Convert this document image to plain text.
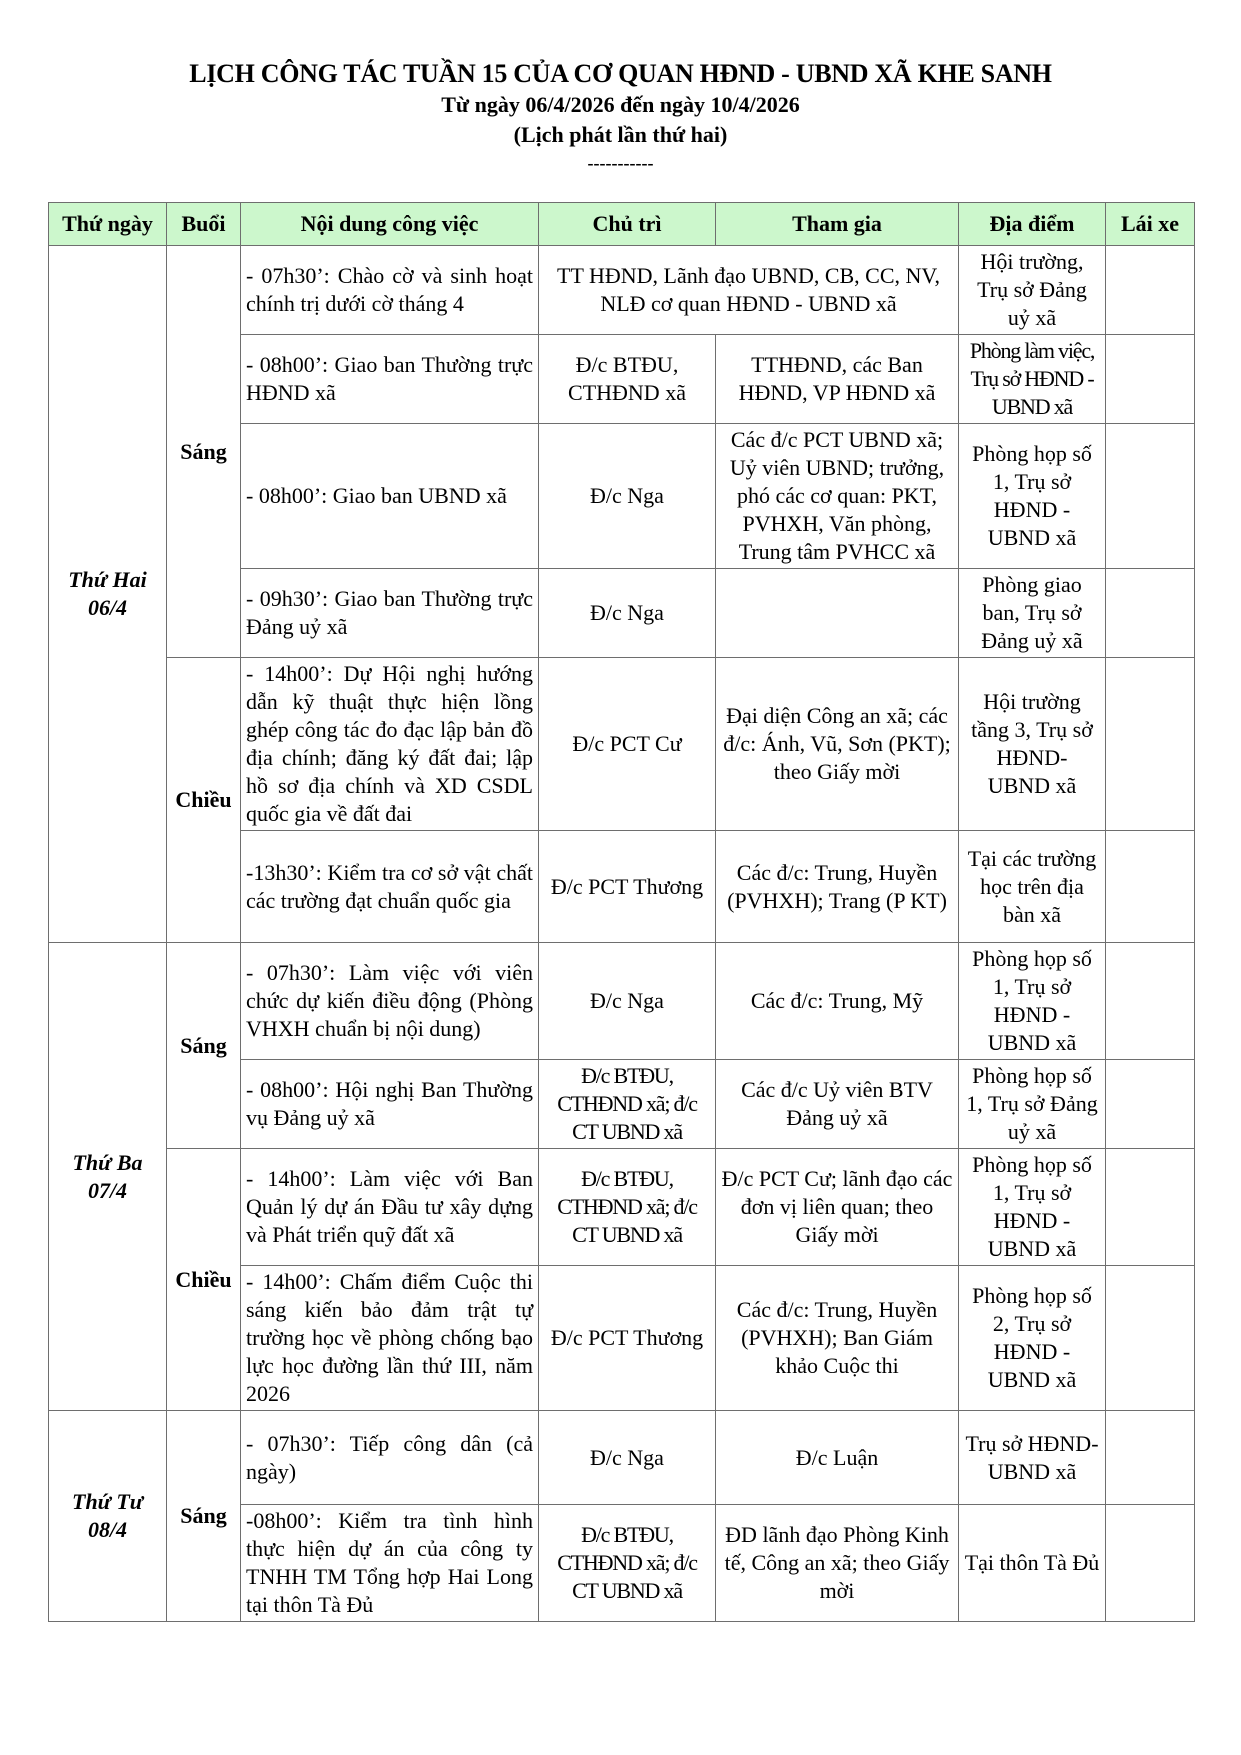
LỊCH CÔNG TÁC TUẦN 15 CỦA CƠ QUAN HĐND - UBND XÃ KHE SANH
Từ ngày 06/4/2026 đến ngày 10/4/2026
(Lịch phát lần thứ hai)
-----------
Thứ ngày	Buổi	Nội dung công việc	Chủ trì	Tham gia	Địa điểm	Lái xe
Thứ Hai
06/4	Sáng	- 07h30’: Chào cờ và sinh hoạt chính trị dưới cờ tháng 4	TT HĐND, Lãnh đạo UBND, CB, CC, NV, NLĐ cơ quan HĐND - UBND xã		Hội trường, Trụ sở Đảng uỷ xã	
		- 08h00’: Giao ban Thường trực HĐND xã	Đ/c BTĐU, CTHĐND xã	TTHĐND, các Ban HĐND, VP HĐND xã	Phòng làm việc, Trụ sở HĐND - UBND xã	
		- 08h00’: Giao ban UBND xã	Đ/c Nga	Các đ/c PCT UBND xã; Uỷ viên UBND; trưởng, phó các cơ quan: PKT, PVHXH, Văn phòng, Trung tâm PVHCC xã	Phòng họp số 1, Trụ sở HĐND - UBND xã	
		- 09h30’: Giao ban Thường trực Đảng uỷ xã	Đ/c Nga		Phòng giao ban, Trụ sở Đảng uỷ xã	
	Chiều	- 14h00’: Dự Hội nghị hướng dẫn kỹ thuật thực hiện lồng ghép công tác đo đạc lập bản đồ địa chính; đăng ký đất đai; lập hồ sơ địa chính và XD CSDL quốc gia về đất đai	Đ/c PCT Cư	Đại diện Công an xã; các đ/c: Ánh, Vũ, Sơn (PKT); theo Giấy mời	Hội trường tầng 3, Trụ sở HĐND- UBND xã	
		-13h30’: Kiểm tra cơ sở vật chất các trường đạt chuẩn quốc gia	Đ/c PCT Thương	Các đ/c: Trung, Huyền (PVHXH); Trang (P KT)	Tại các trường học trên địa bàn xã	
Thứ Ba
07/4	Sáng	- 07h30’: Làm việc với viên chức dự kiến điều động (Phòng VHXH chuẩn bị nội dung)	Đ/c Nga	Các đ/c: Trung, Mỹ	Phòng họp số 1, Trụ sở HĐND - UBND xã	
		- 08h00’: Hội nghị Ban Thường vụ Đảng uỷ xã	Đ/c BTĐU, CTHĐND xã; đ/c CT UBND xã	Các đ/c Uỷ viên BTV Đảng uỷ xã	Phòng họp số 1, Trụ sở Đảng uỷ xã	
	Chiều	- 14h00’: Làm việc với Ban Quản lý dự án Đầu tư xây dựng và Phát triển quỹ đất xã	Đ/c BTĐU, CTHĐND xã; đ/c CT UBND xã	Đ/c PCT Cư; lãnh đạo các đơn vị liên quan; theo Giấy mời	Phòng họp số 1, Trụ sở HĐND - UBND xã	
		- 14h00’: Chấm điểm Cuộc thi sáng kiến bảo đảm trật tự trường học về phòng chống bạo lực học đường lần thứ III, năm 2026	Đ/c PCT Thương	Các đ/c: Trung, Huyền (PVHXH); Ban Giám khảo Cuộc thi	Phòng họp số 2, Trụ sở HĐND - UBND xã	
Thứ Tư
08/4	Sáng	- 07h30’: Tiếp công dân (cả ngày)	Đ/c Nga	Đ/c Luận	Trụ sở HĐND- UBND xã	
		-08h00’: Kiểm tra tình hình thực hiện dự án của công ty TNHH TM Tổng hợp Hai Long tại thôn Tà Đủ	Đ/c BTĐU, CTHĐND xã; đ/c CT UBND xã	ĐD lãnh đạo Phòng Kinh tế, Công an xã; theo Giấy mời	Tại thôn Tà Đủ	
